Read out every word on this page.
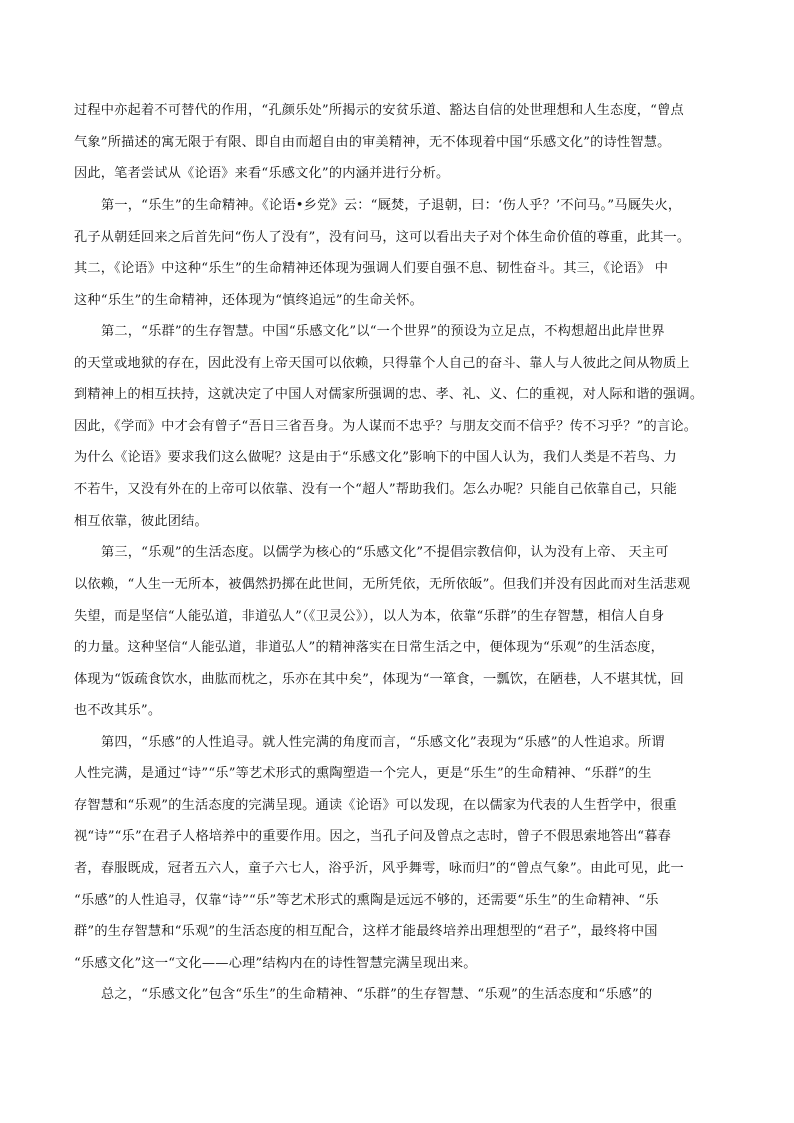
过程中亦起着不可替代的作用，“孔颜乐处”所揭示的安贫乐道、豁达自信的处世理想和人生态度，“曾点
气象”所描述的寓无限于有限、即自由而超自由的审美精神，无不体现着中国“乐感文化”的诗性智慧。
因此，笔者尝试从《论语》来看“乐感文化”的内涵并进行分析。
第一，“乐生”的生命精神。《论语•乡党》云：“厩焚，子退朝，曰：‘伤人乎？’不问马。”马厩失火，
孔子从朝廷回来之后首先问“伤人了没有”，没有问马，这可以看出夫子对个体生命价值的尊重，此其一。
其二，《论语》中这种“乐生”的生命精神还体现为强调人们要自强不息、韧性奋斗。其三，《论语》 中
这种“乐生”的生命精神，还体现为“慎终追远”的生命关怀。
第二，“乐群”的生存智慧。中国“乐感文化”以“一个世界”的预设为立足点，不构想超出此岸世界
的天堂或地狱的存在，因此没有上帝天国可以依赖，只得靠个人自己的奋斗、靠人与人彼此之间从物质上
到精神上的相互扶持，这就决定了中国人对儒家所强调的忠、孝、礼、义、仁的重视，对人际和谐的强调。
因此，《学而》中才会有曾子“吾日三省吾身。为人谋而不忠乎？与朋友交而不信乎？传不习乎？”的言论。
为什么《论语》要求我们这么做呢？这是由于“乐感文化”影响下的中国人认为，我们人类是不若鸟、力
不若牛，又没有外在的上帝可以依靠、没有一个“超人”帮助我们。怎么办呢？只能自己依靠自己，只能
相互依靠，彼此团结。
第三，“乐观”的生活态度。以儒学为核心的“乐感文化”不提倡宗教信仰，认为没有上帝、 天主可
以依赖，“人生一无所本，被偶然扔掷在此世间，无所凭依，无所依皈”。但我们并没有因此而对生活悲观
失望，而是坚信“人能弘道，非道弘人”（《卫灵公》），以人为本，依靠“乐群”的生存智慧，相信人自身
的力量。这种坚信“人能弘道，非道弘人”的精神落实在日常生活之中，便体现为“乐观”的生活态度，
体现为“饭疏食饮水，曲肱而枕之，乐亦在其中矣”，体现为“一箪食，一瓢饮，在陋巷，人不堪其忧，回
也不改其乐”。
第四，“乐感”的人性追寻。就人性完满的角度而言，“乐感文化”表现为“乐感”的人性追求。所谓
人性完满，是通过“诗”“乐”等艺术形式的熏陶塑造一个完人，更是“乐生”的生命精神、“乐群”的生
存智慧和“乐观”的生活态度的完满呈现。通读《论语》可以发现，在以儒家为代表的人生哲学中，很重
视“诗”“乐”在君子人格培养中的重要作用。因之，当孔子问及曾点之志时，曾子不假思索地答出“暮春
者，春服既成，冠者五六人，童子六七人，浴乎沂，风乎舞雩，咏而归”的“曾点气象”。由此可见，此一
“乐感”的人性追寻，仅靠“诗”“乐”等艺术形式的熏陶是远远不够的，还需要“乐生”的生命精神、“乐
群”的生存智慧和“乐观”的生活态度的相互配合，这样才能最终培养出理想型的“君子”，最终将中国
“乐感文化”这一“文化——心理”结构内在的诗性智慧完满呈现出来。
总之，“乐感文化”包含“乐生”的生命精神、“乐群”的生存智慧、“乐观”的生活态度和“乐感”的
